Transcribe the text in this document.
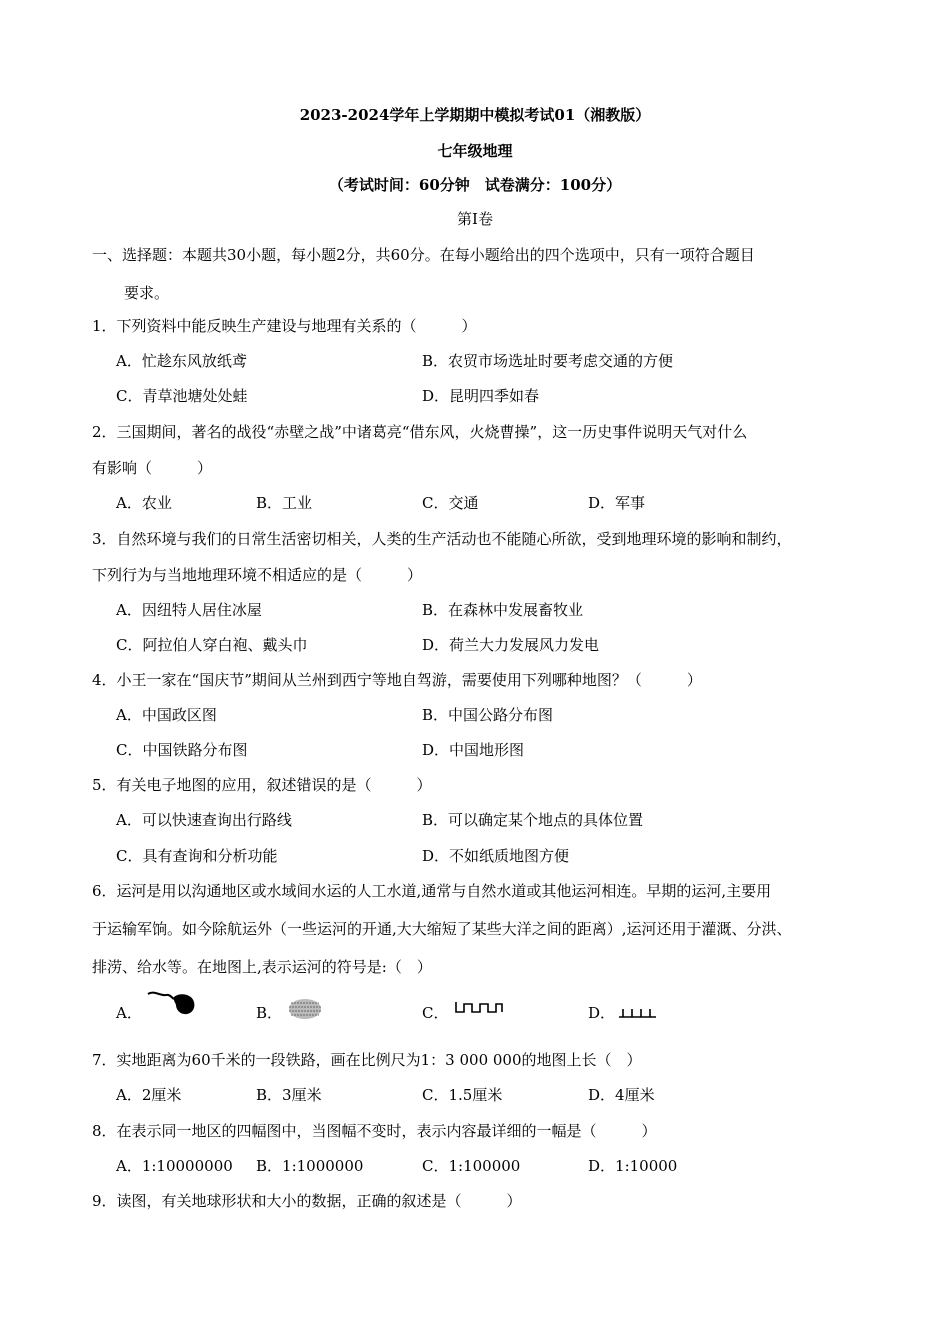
2023-2024学年上学期期中模拟考试01（湘教版）
七年级地理
（考试时间：60分钟　试卷满分：100分）
第Ⅰ卷
一、选择题：本题共30小题，每小题2分，共60分。在每小题给出的四个选项中，只有一项符合题目
要求。
1．下列资料中能反映生产建设与地理有关系的（　　　）
A．忙趁东风放纸鸢	B．农贸市场选址时要考虑交通的方便
C．青草池塘处处蛙	D．昆明四季如春
2．三国期间，著名的战役“赤壁之战”中诸葛亮“借东风，火烧曹操”，这一历史事件说明天气对什么
有影响（　　　）
A．农业	B．工业	C．交通	D．军事
3．自然环境与我们的日常生活密切相关，人类的生产活动也不能随心所欲，受到地理环境的影响和制约，
下列行为与当地地理环境不相适应的是（　　　）
A．因纽特人居住冰屋	B．在森林中发展畜牧业
C．阿拉伯人穿白袍、戴头巾	D．荷兰大力发展风力发电
4．小王一家在“国庆节”期间从兰州到西宁等地自驾游，需要使用下列哪种地图？（　　　）
A．中国政区图	B．中国公路分布图
C．中国铁路分布图	D．中国地形图
5．有关电子地图的应用，叙述错误的是（　　　）
A．可以快速查询出行路线	B．可以确定某个地点的具体位置
C．具有查询和分析功能	D．不如纸质地图方便
6．运河是用以沟通地区或水域间水运的人工水道,通常与自然水道或其他运河相连。早期的运河,主要用
于运输军饷。如今除航运外（一些运河的开通,大大缩短了某些大洋之间的距离）,运河还用于灌溉、分洪、
排涝、给水等。在地图上,表示运河的符号是:（　）
A．	B．	C．	D．
7．实地距离为60千米的一段铁路，画在比例尺为1：3 000 000的地图上长（　）
A．2厘米	B．3厘米	C．1.5厘米	D．4厘米
8．在表示同一地区的四幅图中，当图幅不变时，表示内容最详细的一幅是（　　　）
A．1:10000000 B．1:1000000	C．1:100000	D．1:10000
9．读图，有关地球形状和大小的数据，正确的叙述是（　　　）
